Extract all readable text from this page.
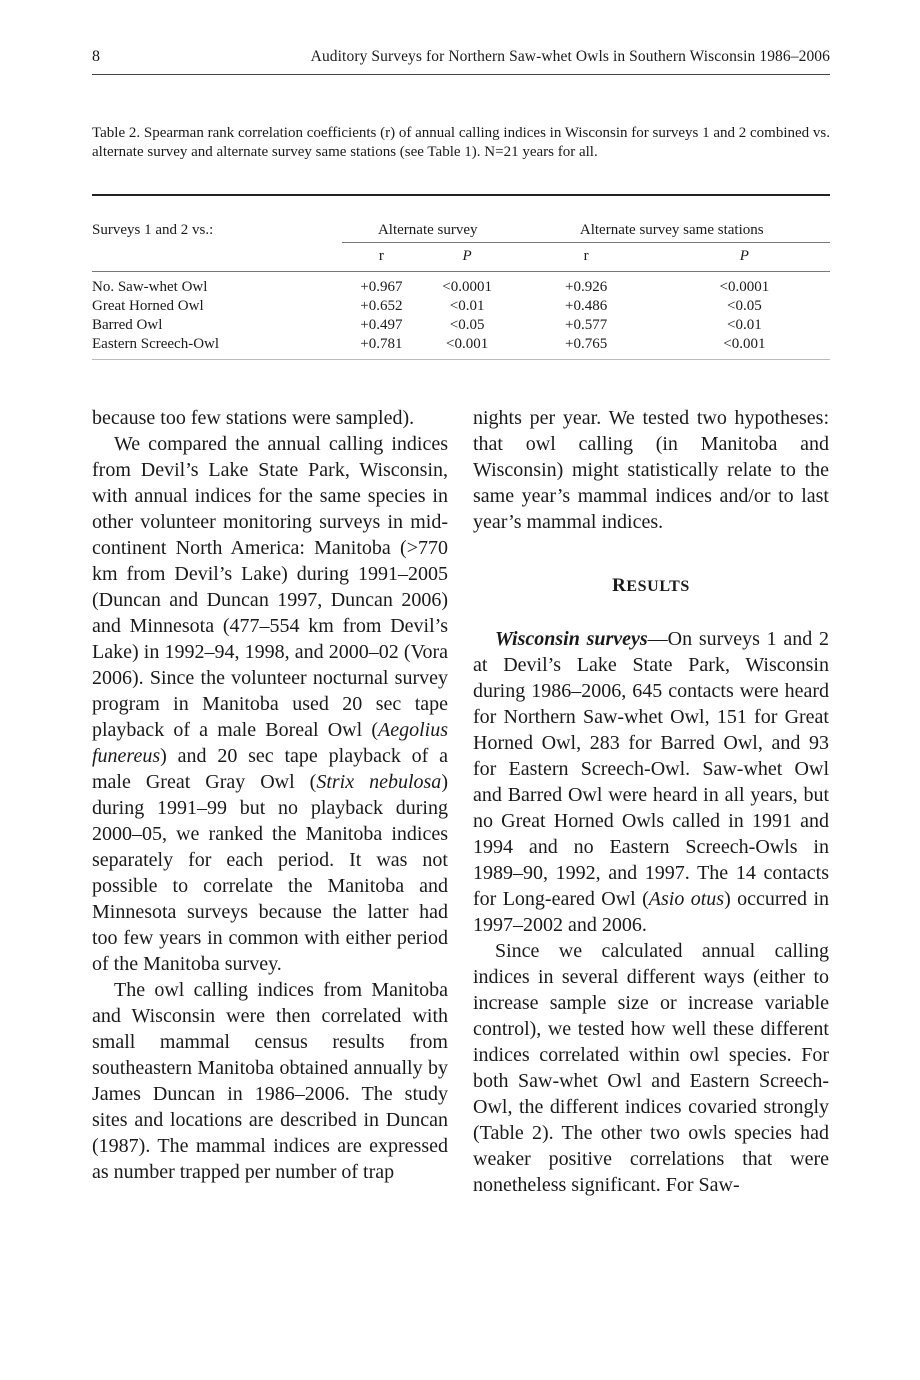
8	Auditory Surveys for Northern Saw-whet Owls in Southern Wisconsin 1986–2006
Table 2. Spearman rank correlation coefficients (r) of annual calling indices in Wisconsin for surveys 1 and 2 combined vs. alternate survey and alternate survey same stations (see Table 1). N=21 years for all.
Surveys 1 and 2 vs.:	Alternate survey		Alternate survey same stations	
	r	P	r	P
No. Saw-whet Owl	+0.967	<0.0001	+0.926	<0.0001
Great Horned Owl	+0.652	<0.01	+0.486	<0.05
Barred Owl	+0.497	<0.05	+0.577	<0.01
Eastern Screech-Owl	+0.781	<0.001	+0.765	<0.001

because too few stations were sampled).

We compared the annual calling indices from Devil’s Lake State Park, Wisconsin, with annual indices for the same species in other volunteer monitoring surveys in mid-continent North America: Manitoba (>770 km from Devil’s Lake) during 1991–2005 (Duncan and Duncan 1997, Duncan 2006) and Minnesota (477–554 km from Devil’s Lake) in 1992–94, 1998, and 2000–02 (Vora 2006). Since the volunteer nocturnal survey program in Manitoba used 20 sec tape playback of a male Boreal Owl (Aegolius funereus) and 20 sec tape playback of a male Great Gray Owl (Strix nebulosa) during 1991–99 but no playback during 2000–05, we ranked the Manitoba indices separately for each period. It was not possible to correlate the Manitoba and Minnesota surveys because the latter had too few years in common with either period of the Manitoba survey.

The owl calling indices from Manitoba and Wisconsin were then correlated with small mammal census results from southeastern Manitoba obtained annually by James Duncan in 1986–2006. The study sites and locations are described in Duncan (1987). The mammal indices are expressed as number trapped per number of trap

nights per year. We tested two hypotheses: that owl calling (in Manitoba and Wisconsin) might statistically relate to the same year’s mammal indices and/or to last year’s mammal indices.

RESULTS

Wisconsin surveys—On surveys 1 and 2 at Devil’s Lake State Park, Wisconsin during 1986–2006, 645 contacts were heard for Northern Saw-whet Owl, 151 for Great Horned Owl, 283 for Barred Owl, and 93 for Eastern Screech-Owl. Saw-whet Owl and Barred Owl were heard in all years, but no Great Horned Owls called in 1991 and 1994 and no Eastern Screech-Owls in 1989–90, 1992, and 1997. The 14 contacts for Long-eared Owl (Asio otus) occurred in 1997–2002 and 2006.

Since we calculated annual calling indices in several different ways (either to increase sample size or increase variable control), we tested how well these different indices correlated within owl species. For both Saw-whet Owl and Eastern Screech-Owl, the different indices covaried strongly (Table 2). The other two owls species had weaker positive correlations that were nonetheless significant. For Saw-
